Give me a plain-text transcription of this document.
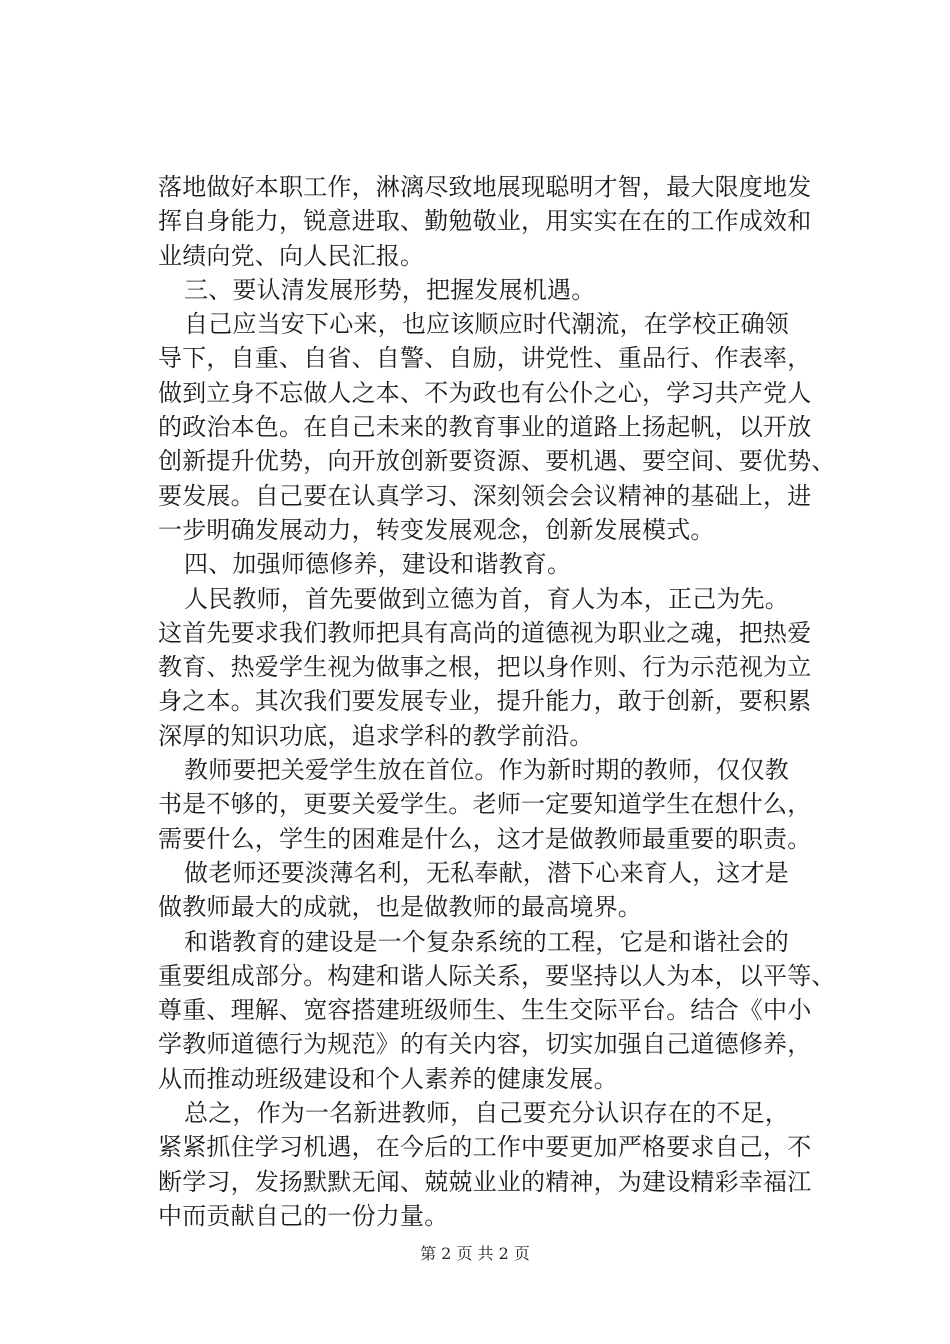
落地做好本职工作，淋漓尽致地展现聪明才智，最大限度地发
挥自身能力，锐意进取、勤勉敬业，用实实在在的工作成效和
业绩向党、向人民汇报。
三、要认清发展形势，把握发展机遇。
自己应当安下心来，也应该顺应时代潮流，在学校正确领
导下，自重、自省、自警、自励，讲党性、重品行、作表率，
做到立身不忘做人之本、不为政也有公仆之心，学习共产党人
的政治本色。在自己未来的教育事业的道路上扬起帆，以开放
创新提升优势，向开放创新要资源、要机遇、要空间、要优势、
要发展。自己要在认真学习、深刻领会会议精神的基础上，进
一步明确发展动力，转变发展观念，创新发展模式。
四、加强师德修养，建设和谐教育。
人民教师，首先要做到立德为首，育人为本，正己为先。
这首先要求我们教师把具有高尚的道德视为职业之魂，把热爱
教育、热爱学生视为做事之根，把以身作则、行为示范视为立
身之本。其次我们要发展专业，提升能力，敢于创新，要积累
深厚的知识功底，追求学科的教学前沿。
教师要把关爱学生放在首位。作为新时期的教师，仅仅教
书是不够的，更要关爱学生。老师一定要知道学生在想什么，
需要什么，学生的困难是什么，这才是做教师最重要的职责。
做老师还要淡薄名利，无私奉献，潜下心来育人，这才是
做教师最大的成就，也是做教师的最高境界。
和谐教育的建设是一个复杂系统的工程，它是和谐社会的
重要组成部分。构建和谐人际关系，要坚持以人为本，以平等、
尊重、理解、宽容搭建班级师生、生生交际平台。结合《中小
学教师道德行为规范》的有关内容，切实加强自己道德修养，
从而推动班级建设和个人素养的健康发展。
总之，作为一名新进教师，自己要充分认识存在的不足，
紧紧抓住学习机遇，在今后的工作中要更加严格要求自己，不
断学习，发扬默默无闻、兢兢业业的精神，为建设精彩幸福江
中而贡献自己的一份力量。
第 2 页 共 2 页
